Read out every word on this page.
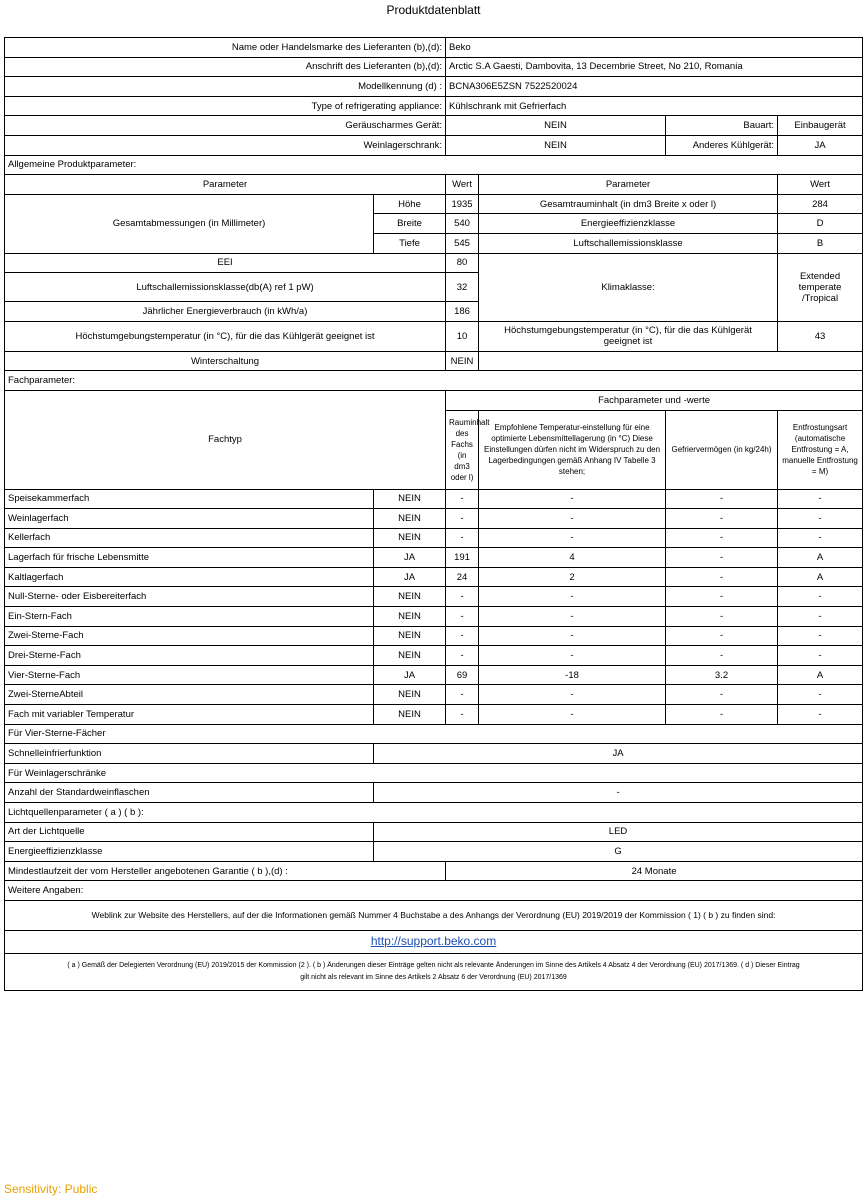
Produktdatenblatt
Name oder Handelsmarke des Lieferanten (b),(d):		Beko			
Anschrift des Lieferanten (b),(d):		Arctic S.A Gaesti, Dambovita, 13 Decembrie Street, No 210, Romania			
Modellkennung (d) :		BCNA306E5ZSN 7522520024			
Type of refrigerating appliance:		Kühlschrank mit Gefrierfach			
Geräuscharmes Gerät:		NEIN		Bauart:	Einbaugerät
Weinlagerschrank:		NEIN		Anderes Kühlgerät:	JA
Allgemeine Produktparameter:					
Parameter		Wert	Parameter		Wert
Gesamtabmessungen (in Millimeter)	Höhe	1935	Gesamtrauminhalt (in dm3 Breite x oder l)		284
	Breite	540	Energieeffizienzklasse		D
	Tiefe	545	Luftschallemissionsklasse		B
EEI		80	Klimaklasse:		Extended
temperate
/Tropical

Luftschallemissionsklasse(db(A) ref 1 pW)		32			
Jährlicher Energieverbrauch (in kWh/a)		186			
Höchstumgebungstemperatur (in °C), für die das Kühlgerät geeignet ist		10	Höchstumgebungstemperatur (in °C), für die das Kühlgerät
geeignet ist		43
Winterschaltung		NEIN			
Fachparameter:					
Fachtyp		Fachparameter und -werte			
		Rauminhalt des Fachs (in dm3 oder l)	Empfohlene Temperatur-einstellung für eine optimierte Lebensmittellagerung (in °C) Diese Einstellungen dürfen nicht im Widerspruch zu den Lagerbedingungen gemäß Anhang IV Tabelle 3 stehen;	Gefriervermögen (in kg/24h)	Entfrostungsart (automatische Entfrostung = A, manuelle Entfrostung = M)
Speisekammerfach	NEIN	-	-	-	-
Weinlagerfach	NEIN	-	-	-	-
Kellerfach	NEIN	-	-	-	-
Lagerfach für frische Lebensmitte	JA	191	4	-	A
Kaltlagerfach	JA	24	2	-	A
Null-Sterne- oder Eisbereiterfach	NEIN	-	-	-	-
Ein-Stern-Fach	NEIN	-	-	-	-
Zwei-Sterne-Fach	NEIN	-	-	-	-
Drei-Sterne-Fach	NEIN	-	-	-	-
Vier-Sterne-Fach	JA	69	-18	3.2	A
Zwei-SterneAbteil	NEIN	-	-	-	-
Fach mit variabler Temperatur	NEIN	-	-	-	-
Für Vier-Sterne-Fächer					
Schnelleinfrierfunktion	JA				
Für Weinlagerschränke					
Anzahl der Standardweinflaschen	-				
Lichtquellenparameter ( a ) ( b ):					
Art der Lichtquelle	LED				
Energieeffizienzklasse	G				
Mindestlaufzeit der vom Hersteller angebotenen Garantie ( b ),(d) :		24 Monate			
Weitere Angaben:					
Weblink zur Website des Herstellers, auf der die Informationen gemäß Nummer 4 Buchstabe a des Anhangs der Verordnung (EU) 2019/2019 der Kommission ( 1) ( b ) zu finden sind:					
http://support.beko.com					

( a ) Gemäß der Delegierten Verordnung (EU) 2019/2015 der Kommission (2 ). ( b ) Änderungen dieser Einträge gelten nicht als relevante Änderungen im Sinne des Artikels 4 Absatz 4 der Verordnung (EU) 2017/1369. ( d ) Dieser Eintrag
gilt nicht als relevant im Sinne des Artikels 2 Absatz 6 der Verordnung (EU) 2017/1369					
Sensitivity: Public
